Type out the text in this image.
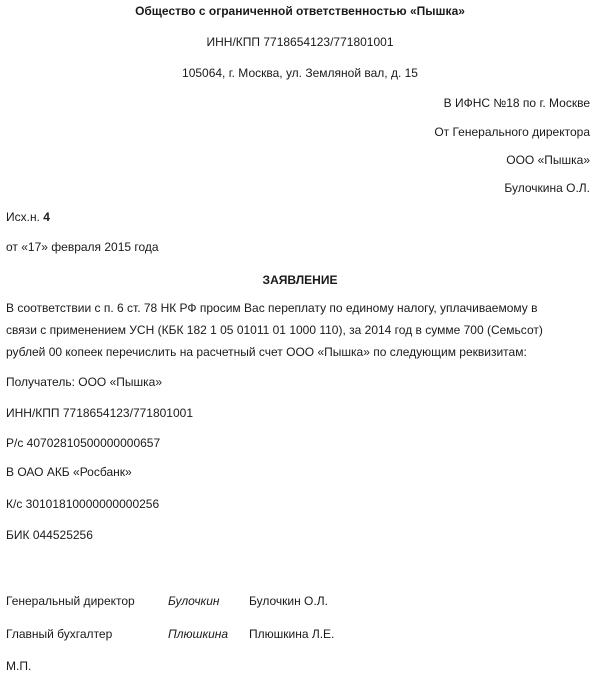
Общество с ограниченной ответственностью «Пышка»
ИНН/КПП 7718654123/771801001
105064, г. Москва, ул. Земляной вал, д. 15
В ИФНС №18 по г. Москве
От Генерального директора
ООО «Пышка»
Булочкина О.Л.
Исх.н. 4
от «17» февраля 2015 года
ЗАЯВЛЕНИЕ
В соответствии с п. 6 ст. 78 НК РФ просим Вас переплату по единому налогу, уплачиваемому в
связи с применением УСН (КБК 182 1 05 01011 01 1000 110), за 2014 год в сумме 700 (Семьсот)
рублей 00 копеек перечислить на расчетный счет ООО «Пышка» по следующим реквизитам:
Получатель: ООО «Пышка»
ИНН/КПП 7718654123/771801001
Р/с 40702810500000000657
В ОАО АКБ «Росбанк»
К/с 30101810000000000256
БИК 044525256
Генеральный директор	Булочкин Булочкин О.Л.
Главный бухгалтер	Плюшкина Плюшкина Л.Е.
М.П.
